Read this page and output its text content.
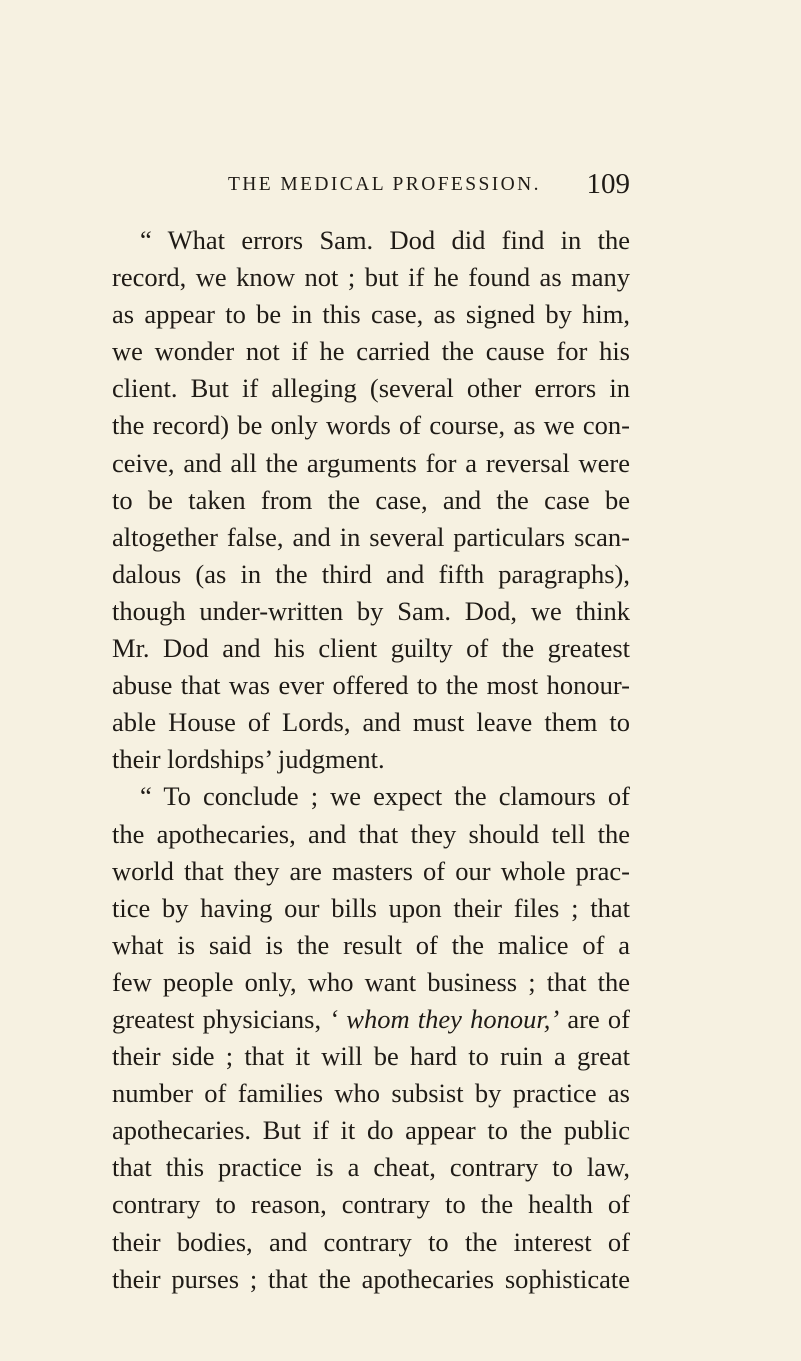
THE MEDICAL PROFESSION. 109
“ What errors Sam. Dod did find in the
record, we know not ; but if he found as many
as appear to be in this case, as signed by him,
we wonder not if he carried the cause for his
client. But if alleging (several other errors in
the record) be only words of course, as we con-
ceive, and all the arguments for a reversal were
to be taken from the case, and the case be
altogether false, and in several particulars scan-
dalous (as in the third and fifth paragraphs),
though under-written by Sam. Dod, we think
Mr. Dod and his client guilty of the greatest
abuse that was ever offered to the most honour-
able House of Lords, and must leave them to
their lordships’ judgment.
“ To conclude ; we expect the clamours of
the apothecaries, and that they should tell the
world that they are masters of our whole prac-
tice by having our bills upon their files ; that
what is said is the result of the malice of a
few people only, who want business ; that the
greatest physicians, ‘ whom they honour,’ are of
their side ; that it will be hard to ruin a great
number of families who subsist by practice as
apothecaries. But if it do appear to the public
that this practice is a cheat, contrary to law,
contrary to reason, contrary to the health of
their bodies, and contrary to the interest of
their purses ; that the apothecaries sophisticate
